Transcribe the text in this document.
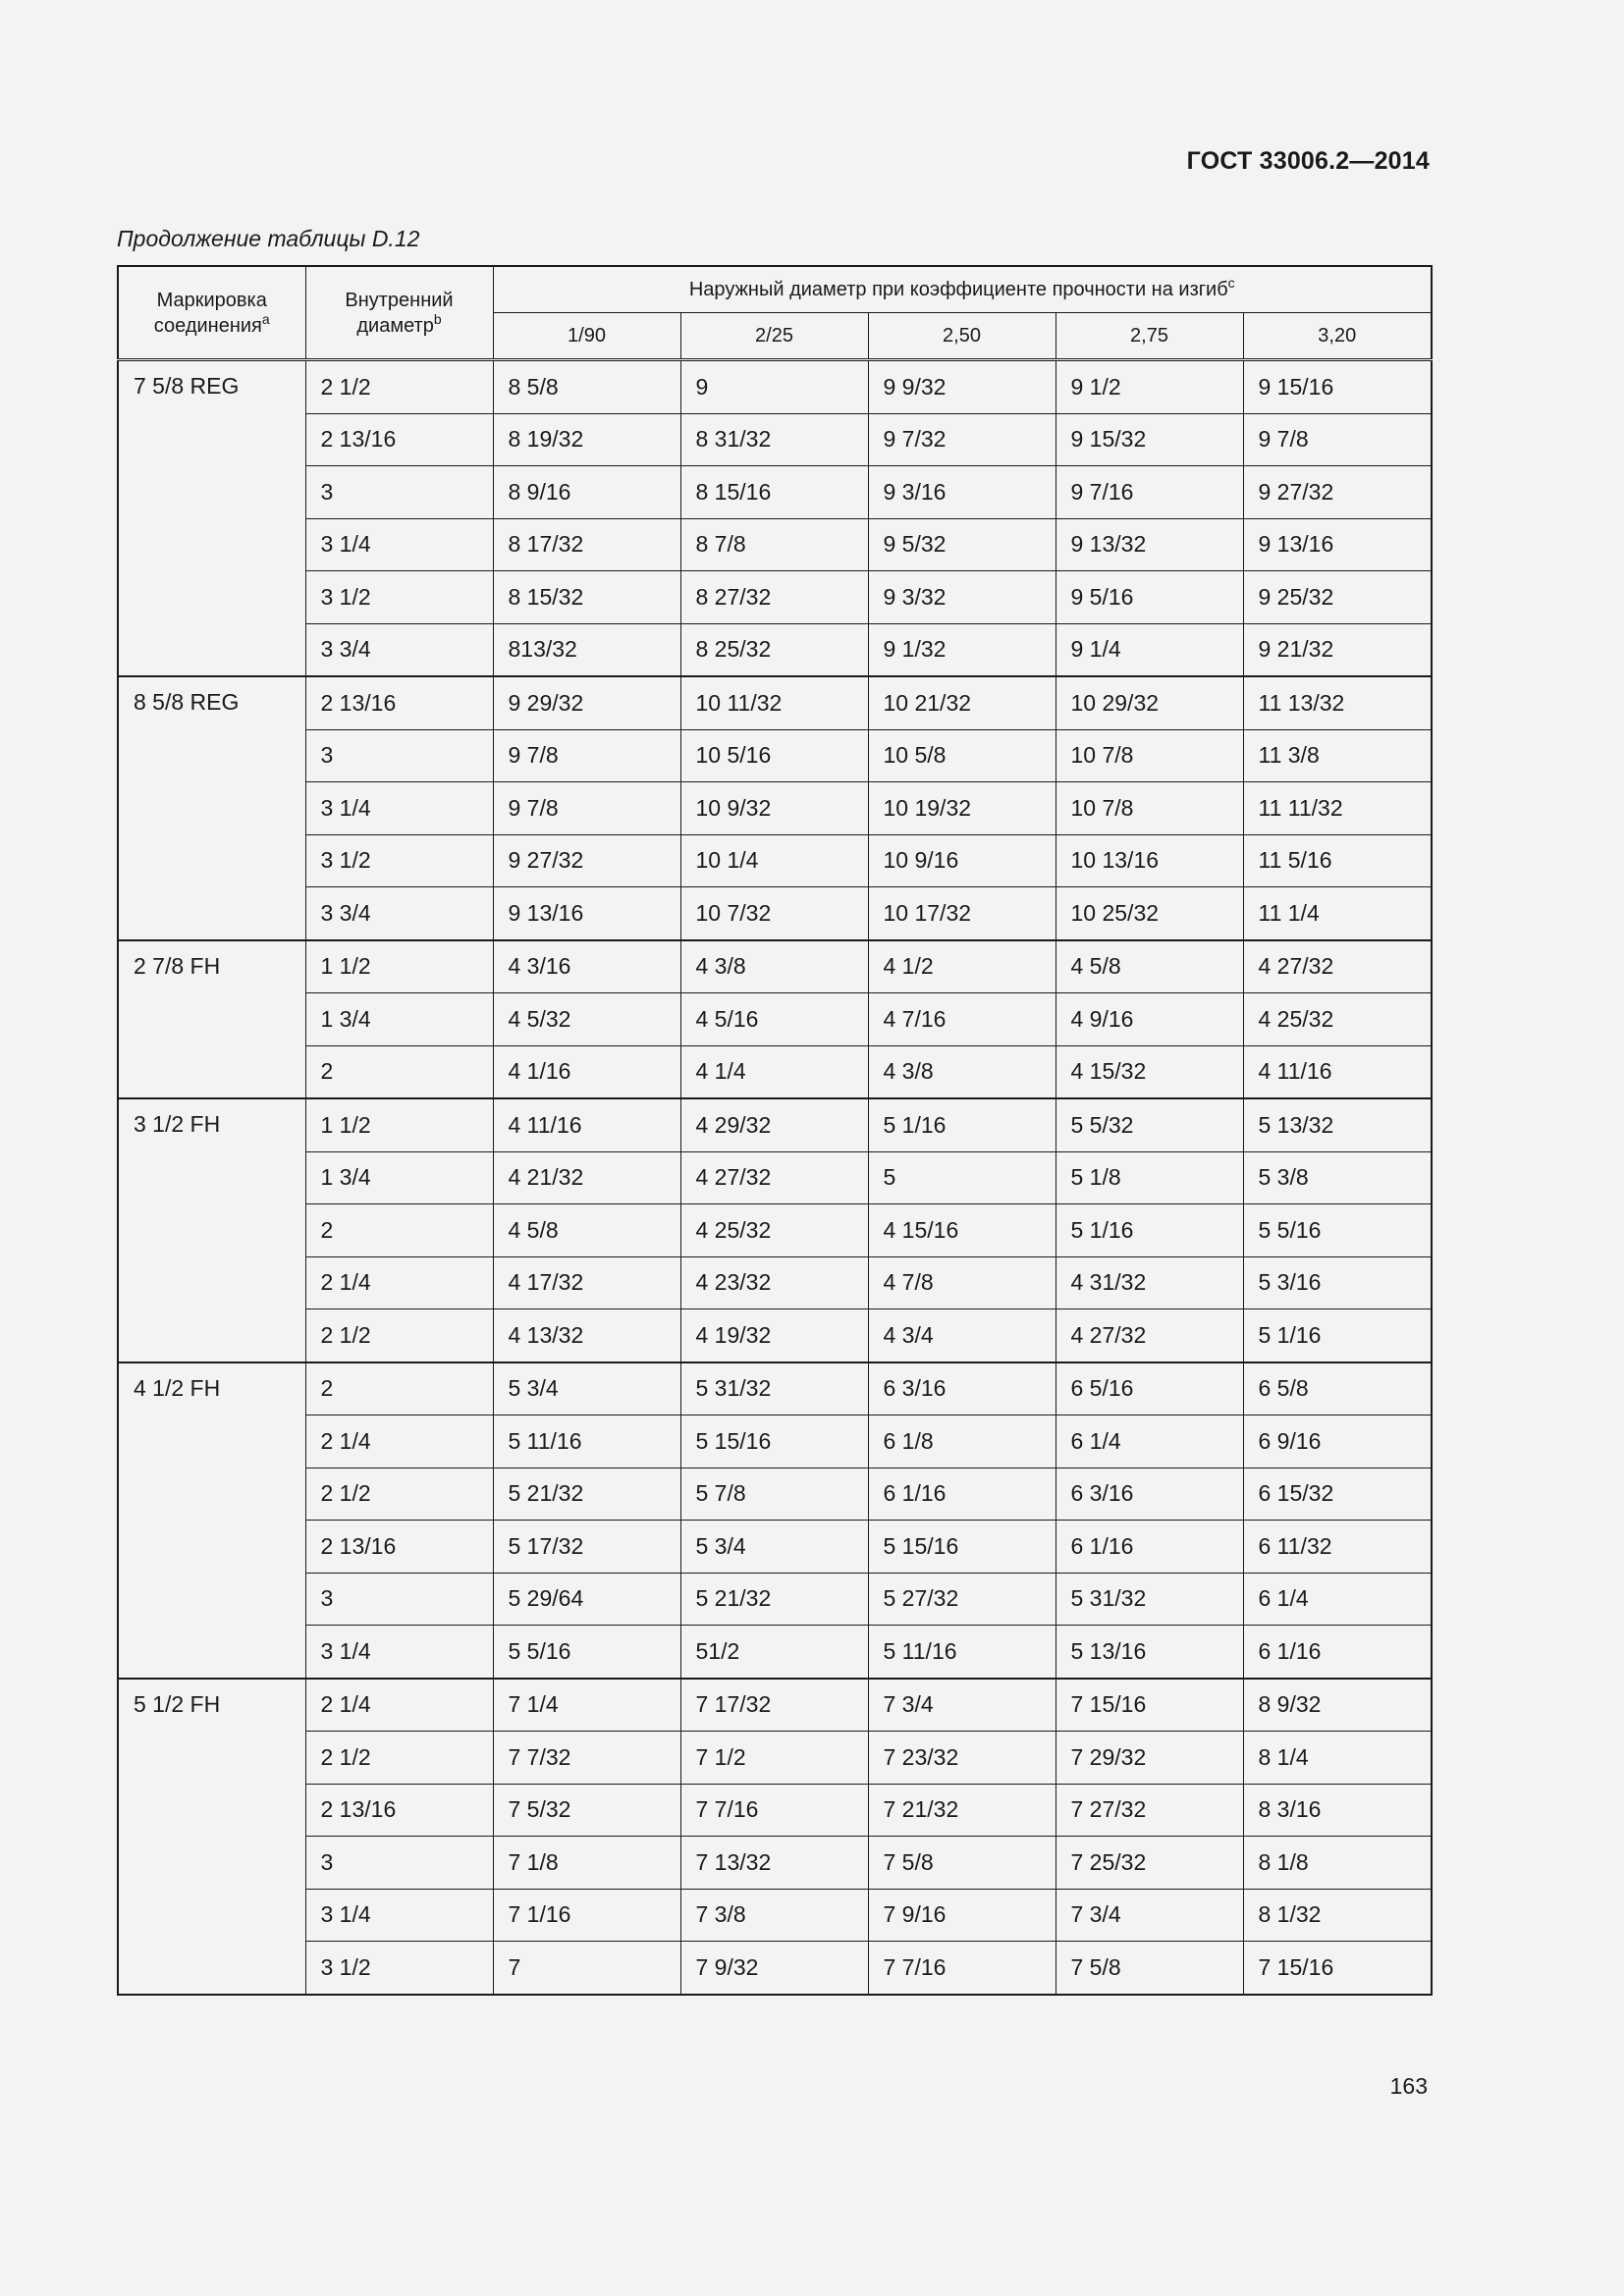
ГОСТ 33006.2—2014
Продолжение таблицы D.12
Маркировка соединения$^a$	Внутренний диаметр$^b$	Наружный диаметр при коэффициенте прочности на изгиб$^c$
		1/90	2/25	2,50	2,75	3,20
7 5/8 REG	2 1/2	8 5/8	9	9 9/32	9 1/2	9 15/16
	2 13/16	8 19/32	8 31/32	9 7/32	9 15/32	9 7/8
	3	8 9/16	8 15/16	9 3/16	9 7/16	9 27/32
	3 1/4	8 17/32	8 7/8	9 5/32	9 13/32	9 13/16
	3 1/2	8 15/32	8 27/32	9 3/32	9 5/16	9 25/32
	3 3/4	813/32	8 25/32	9 1/32	9 1/4	9 21/32
8 5/8 REG	2 13/16	9 29/32	10 11/32	10 21/32	10 29/32	11 13/32
	3	9 7/8	10 5/16	10 5/8	10 7/8	11 3/8
	3 1/4	9 7/8	10 9/32	10 19/32	10 7/8	11 11/32
	3 1/2	9 27/32	10 1/4	10 9/16	10 13/16	11 5/16
	3 3/4	9 13/16	10 7/32	10 17/32	10 25/32	11 1/4
2 7/8 FH	1 1/2	4 3/16	4 3/8	4 1/2	4 5/8	4 27/32
	1 3/4	4 5/32	4 5/16	4 7/16	4 9/16	4 25/32
	2	4 1/16	4 1/4	4 3/8	4 15/32	4 11/16
3 1/2 FH	1 1/2	4 11/16	4 29/32	5 1/16	5 5/32	5 13/32
	1 3/4	4 21/32	4 27/32	5	5 1/8	5 3/8
	2	4 5/8	4 25/32	4 15/16	5 1/16	5 5/16
	2 1/4	4 17/32	4 23/32	4 7/8	4 31/32	5 3/16
	2 1/2	4 13/32	4 19/32	4 3/4	4 27/32	5 1/16
4 1/2 FH	2	5 3/4	5 31/32	6 3/16	6 5/16	6 5/8
	2 1/4	5 11/16	5 15/16	6 1/8	6 1/4	6 9/16
	2 1/2	5 21/32	5 7/8	6 1/16	6 3/16	6 15/32
	2 13/16	5 17/32	5 3/4	5 15/16	6 1/16	6 11/32
	3	5 29/64	5 21/32	5 27/32	5 31/32	6 1/4
	3 1/4	5 5/16	51/2	5 11/16	5 13/16	6 1/16
5 1/2 FH	2 1/4	7 1/4	7 17/32	7 3/4	7 15/16	8 9/32
	2 1/2	7 7/32	7 1/2	7 23/32	7 29/32	8 1/4
	2 13/16	7 5/32	7 7/16	7 21/32	7 27/32	8 3/16
	3	7 1/8	7 13/32	7 5/8	7 25/32	8 1/8
	3 1/4	7 1/16	7 3/8	7 9/16	7 3/4	8 1/32
	3 1/2	7	7 9/32	7 7/16	7 5/8	7 15/16
163
